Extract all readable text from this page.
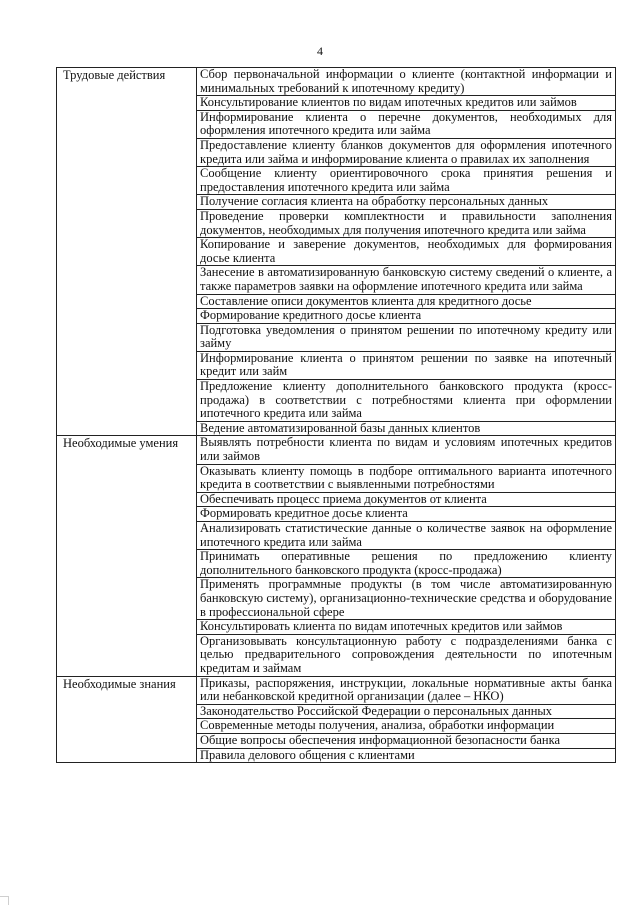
4
Трудовые действия	Сбор первоначальной информации о клиенте (контактной информации и минимальных требований к ипотечному кредиту)
	Консультирование клиентов по видам ипотечных кредитов или займов
	Информирование клиента о перечне документов, необходимых для оформления ипотечного кредита или займа
	Предоставление клиенту бланков документов для оформления ипотечного кредита или займа и информирование клиента о правилах их заполнения
	Сообщение клиенту ориентировочного срока принятия решения и предоставления ипотечного кредита или займа
	Получение согласия клиента на обработку персональных данных
	Проведение проверки комплектности и правильности заполнения документов, необходимых для получения ипотечного кредита или займа
	Копирование и заверение документов, необходимых для формирования досье клиента
	Занесение в автоматизированную банковскую систему сведений о клиенте, а также параметров заявки на оформление ипотечного кредита или займа
	Составление описи документов клиента для кредитного досье
	Формирование кредитного досье клиента
	Подготовка уведомления о принятом решении по ипотечному кредиту или займу
	Информирование клиента о принятом решении по заявке на ипотечный кредит или займ
	Предложение клиенту дополнительного банковского продукта (кросс-продажа) в соответствии с потребностями клиента при оформлении ипотечного кредита или займа
	Ведение автоматизированной базы данных клиентов
Необходимые умения	Выявлять потребности клиента по видам и условиям ипотечных кредитов или займов
	Оказывать клиенту помощь в подборе оптимального варианта ипотечного кредита в соответствии с выявленными потребностями
	Обеспечивать процесс приема документов от клиента
	Формировать кредитное досье клиента
	Анализировать статистические данные о количестве заявок на оформление ипотечного кредита или займа
	Принимать оперативные решения по предложению клиенту дополнительного банковского продукта (кросс-продажа)
	Применять программные продукты (в том числе автоматизированную банковскую систему), организационно-технические средства и оборудование в профессиональной сфере
	Консультировать клиента по видам ипотечных кредитов или займов
	Организовывать консультационную работу с подразделениями банка с целью предварительного сопровождения деятельности по ипотечным кредитам и займам
Необходимые знания	Приказы, распоряжения, инструкции, локальные нормативные акты банка или небанковской кредитной организации (далее – НКО)
	Законодательство Российской Федерации о персональных данных
	Современные методы получения, анализа, обработки информации
	Общие вопросы обеспечения информационной безопасности банка
	Правила делового общения с клиентами
